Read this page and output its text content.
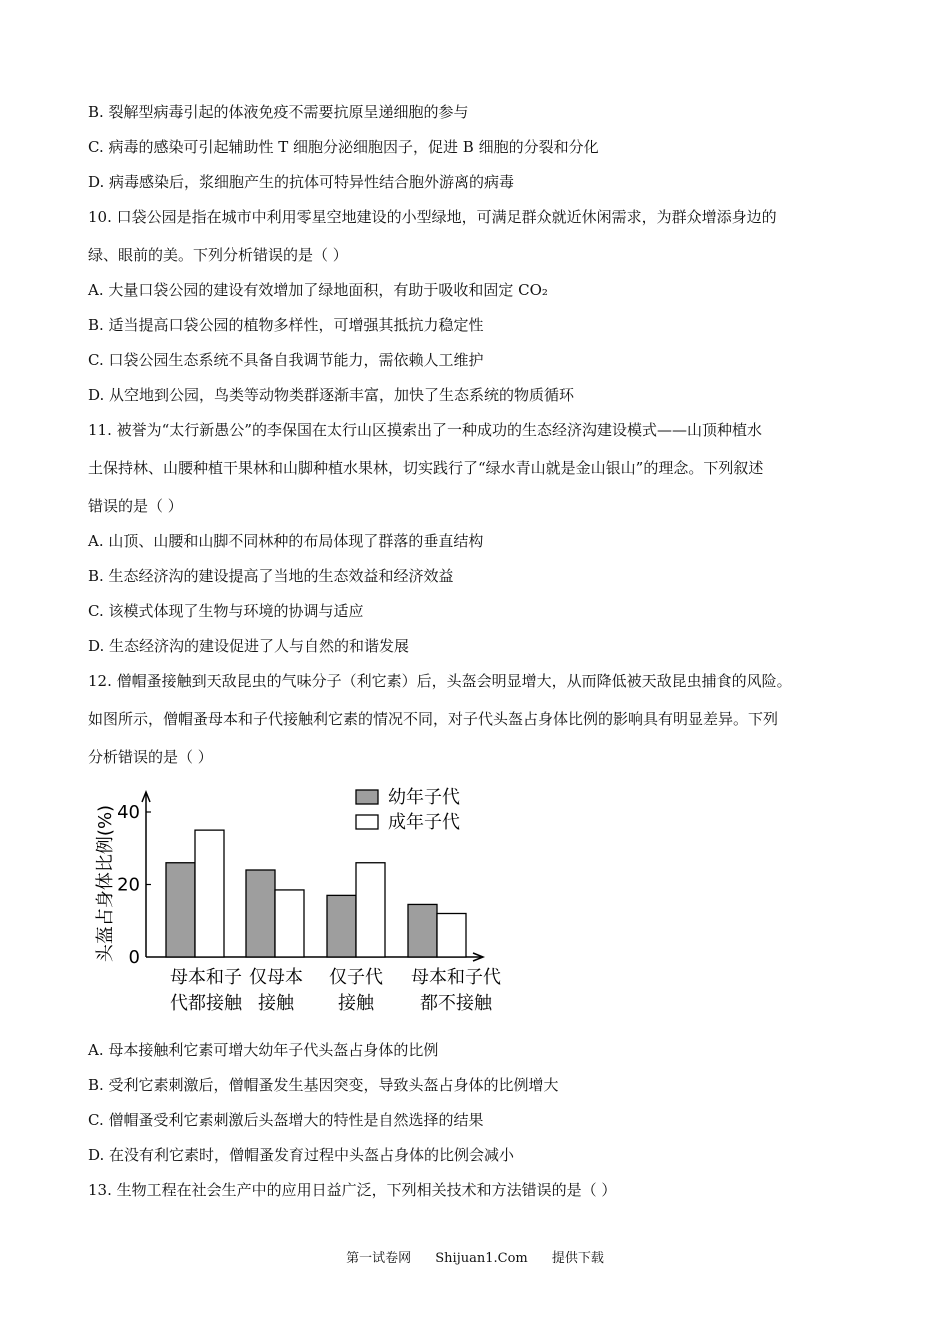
B. 裂解型病毒引起的体液免疫不需要抗原呈递细胞的参与
C. 病毒的感染可引起辅助性 T 细胞分泌细胞因子，促进 B 细胞的分裂和分化
D. 病毒感染后，浆细胞产生的抗体可特异性结合胞外游离的病毒
10. 口袋公园是指在城市中利用零星空地建设的小型绿地，可满足群众就近休闲需求，为群众增添身边的
绿、眼前的美。下列分析错误的是（ ）
A. 大量口袋公园的建设有效增加了绿地面积，有助于吸收和固定 CO₂
B. 适当提高口袋公园的植物多样性，可增强其抵抗力稳定性
C. 口袋公园生态系统不具备自我调节能力，需依赖人工维护
D. 从空地到公园，鸟类等动物类群逐渐丰富，加快了生态系统的物质循环
11. 被誉为“太行新愚公”的李保国在太行山区摸索出了一种成功的生态经济沟建设模式——山顶种植水
土保持林、山腰种植干果林和山脚种植水果林，切实践行了“绿水青山就是金山银山”的理念。下列叙述
错误的是（ ）
A. 山顶、山腰和山脚不同林种的布局体现了群落的垂直结构
B. 生态经济沟的建设提高了当地的生态效益和经济效益
C. 该模式体现了生物与环境的协调与适应
D. 生态经济沟的建设促进了人与自然的和谐发展
12. 僧帽蚤接触到天敌昆虫的气味分子（利它素）后，头盔会明显增大，从而降低被天敌昆虫捕食的风险。
如图所示，僧帽蚤母本和子代接触利它素的情况不同，对子代头盔占身体比例的影响具有明显差异。下列
分析错误的是（ ）
A. 母本接触利它素可增大幼年子代头盔占身体的比例
B. 受利它素刺激后，僧帽蚤发生基因突变，导致头盔占身体的比例增大
C. 僧帽蚤受利它素刺激后头盔增大的特性是自然选择的结果
D. 在没有利它素时，僧帽蚤发育过程中头盔占身体的比例会减小
13. 生物工程在社会生产中的应用日益广泛，下列相关技术和方法错误的是（ ）
0
20
40
头盔占身体比例(%)
母本和子
代都接触
仅母本
接触
仅子代
接触
母本和子代
都不接触
幼年子代
成年子代
第一试卷网 Shijuan1.Com 提供下载
